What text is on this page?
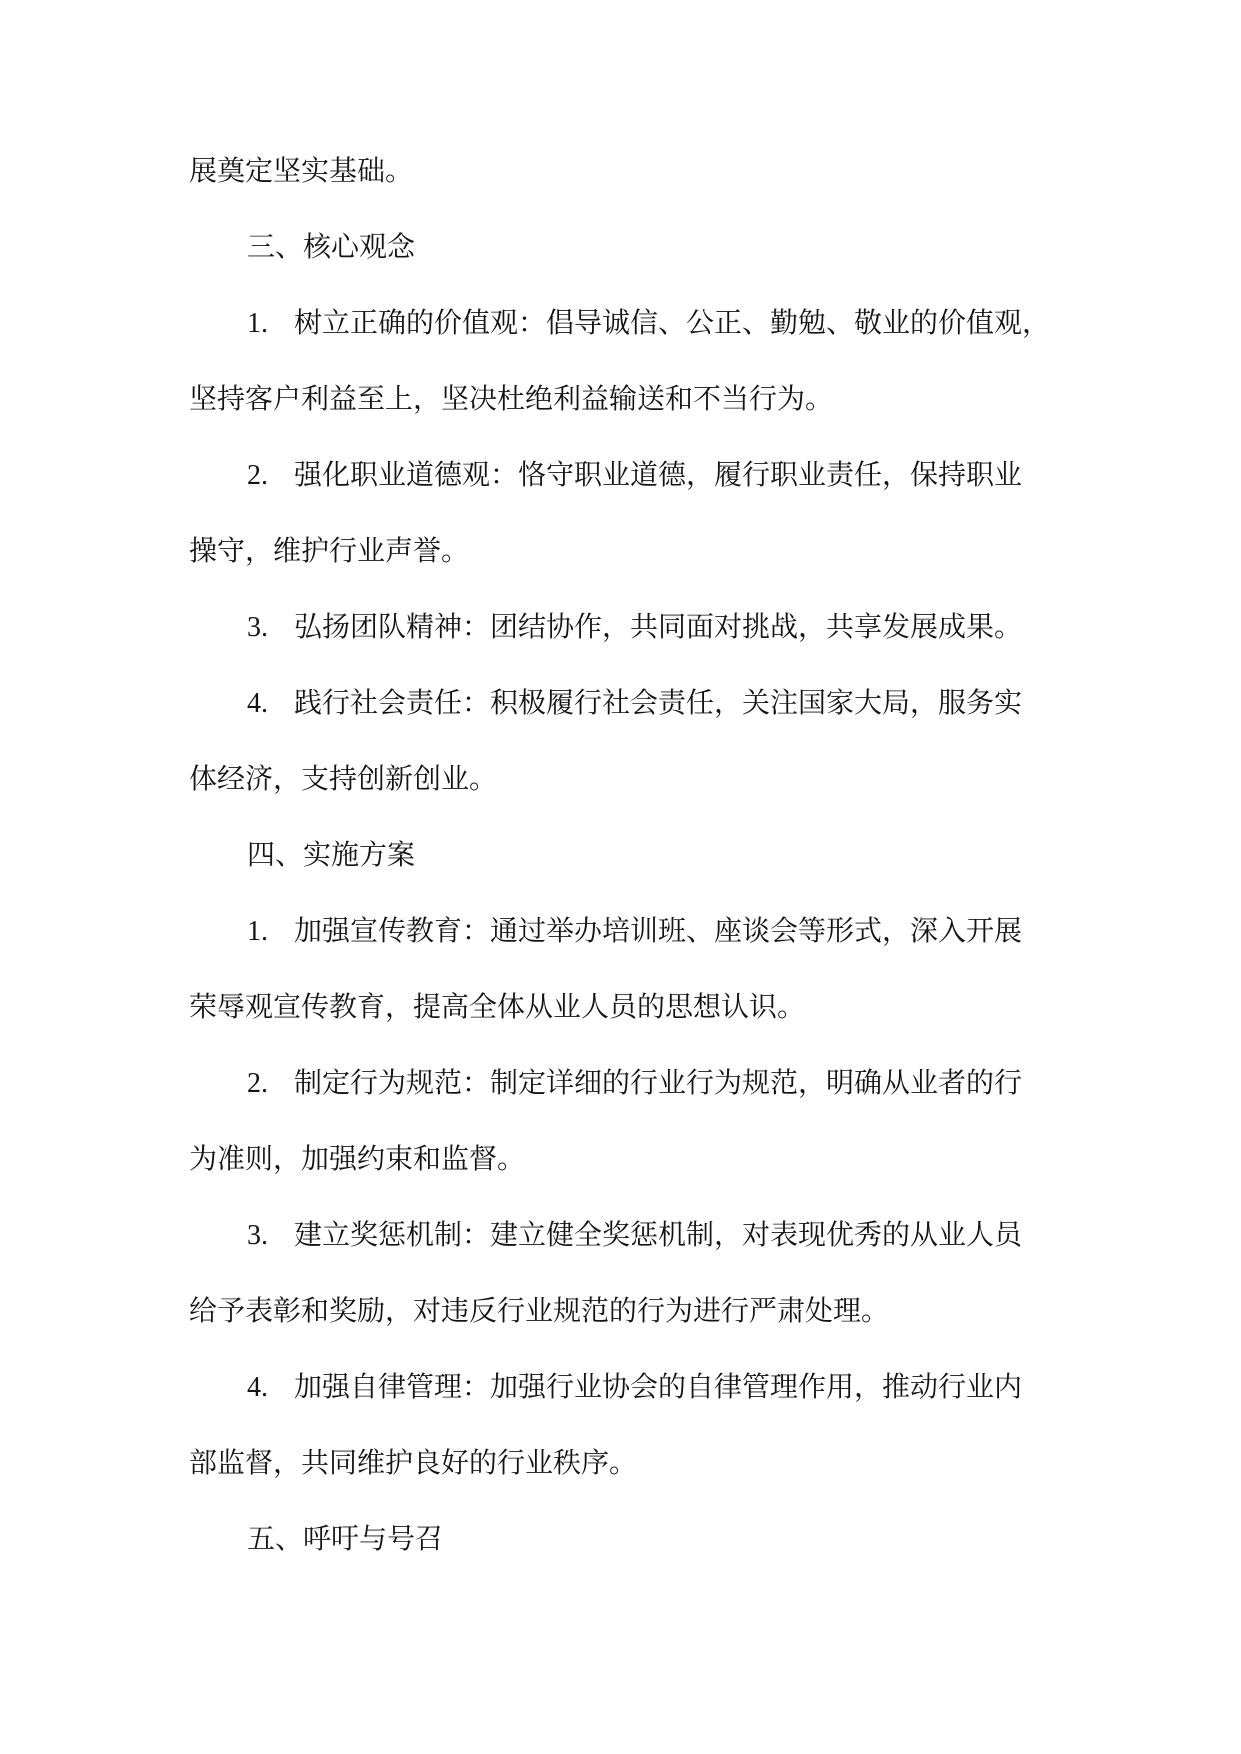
展奠定坚实基础。
三、核心观念
1. 树立正确的价值观：倡导诚信、公正、勤勉、敬业的价值观，
坚持客户利益至上，坚决杜绝利益输送和不当行为。
2. 强化职业道德观：恪守职业道德，履行职业责任，保持职业
操守，维护行业声誉。
3. 弘扬团队精神：团结协作，共同面对挑战，共享发展成果。
4. 践行社会责任：积极履行社会责任，关注国家大局，服务实
体经济，支持创新创业。
四、实施方案
1. 加强宣传教育：通过举办培训班、座谈会等形式，深入开展
荣辱观宣传教育，提高全体从业人员的思想认识。
2. 制定行为规范：制定详细的行业行为规范，明确从业者的行
为准则，加强约束和监督。
3. 建立奖惩机制：建立健全奖惩机制，对表现优秀的从业人员
给予表彰和奖励，对违反行业规范的行为进行严肃处理。
4. 加强自律管理：加强行业协会的自律管理作用，推动行业内
部监督，共同维护良好的行业秩序。
五、呼吁与号召
